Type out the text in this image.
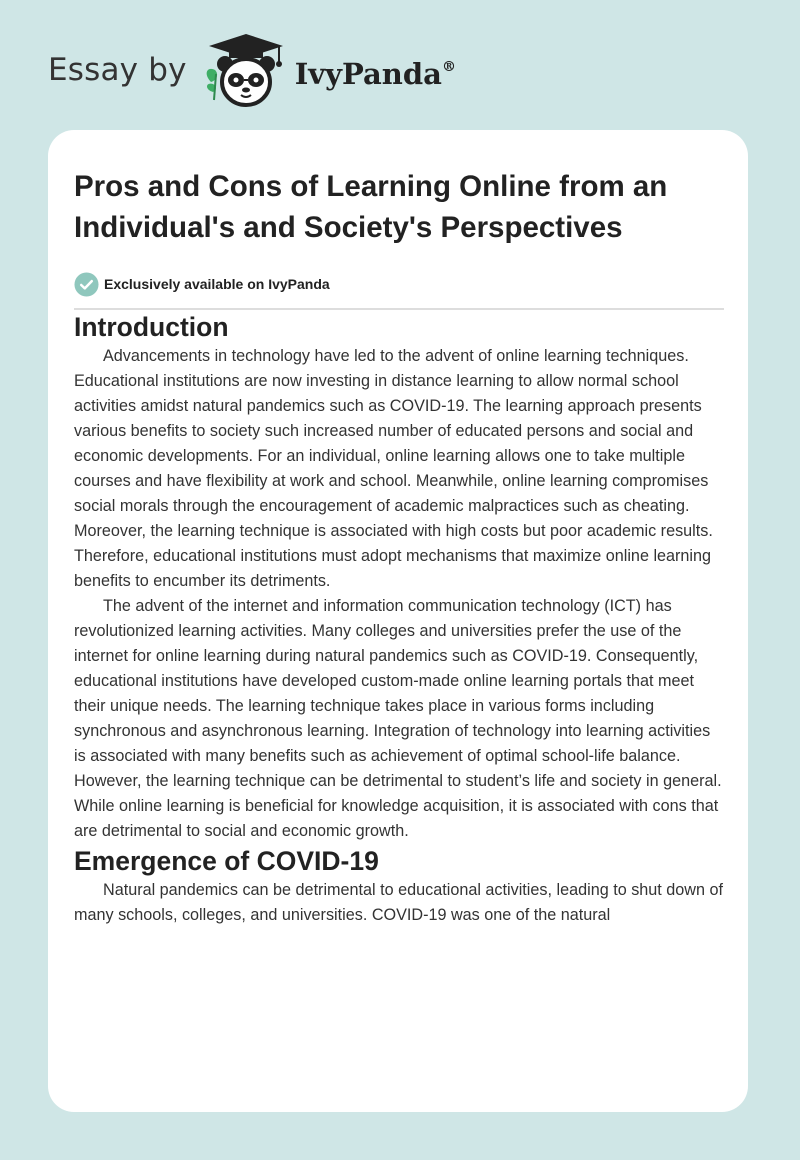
Essay by	IvyPanda®
Pros and Cons of Learning Online from an Individual's and Society's Perspectives
Exclusively available on IvyPanda
Introduction

Advancements in technology have led to the advent of online learning techniques. Educational institutions are now investing in distance learning to allow normal school activities amidst natural pandemics such as COVID-19. The learning approach presents various benefits to society such increased number of educated persons and social and economic developments. For an individual, online learning allows one to take multiple courses and have flexibility at work and school. Meanwhile, online learning compromises social morals through the encouragement of academic malpractices such as cheating. Moreover, the learning technique is associated with high costs but poor academic results. Therefore, educational institutions must adopt mechanisms that maximize online learning benefits to encumber its detriments.

The advent of the internet and information communication technology (ICT) has revolutionized learning activities. Many colleges and universities prefer the use of the internet for online learning during natural pandemics such as COVID-19. Consequently, educational institutions have developed custom-made online learning portals that meet their unique needs. The learning technique takes place in various forms including synchronous and asynchronous learning. Integration of technology into learning activities is associated with many benefits such as achievement of optimal school-life balance. However, the learning technique can be detrimental to student’s life and society in general. While online learning is beneficial for knowledge acquisition, it is associated with cons that are detrimental to social and economic growth.

Emergence of COVID-19

Natural pandemics can be detrimental to educational activities, leading to shut down of many schools, colleges, and universities. COVID-19 was one of the natural
